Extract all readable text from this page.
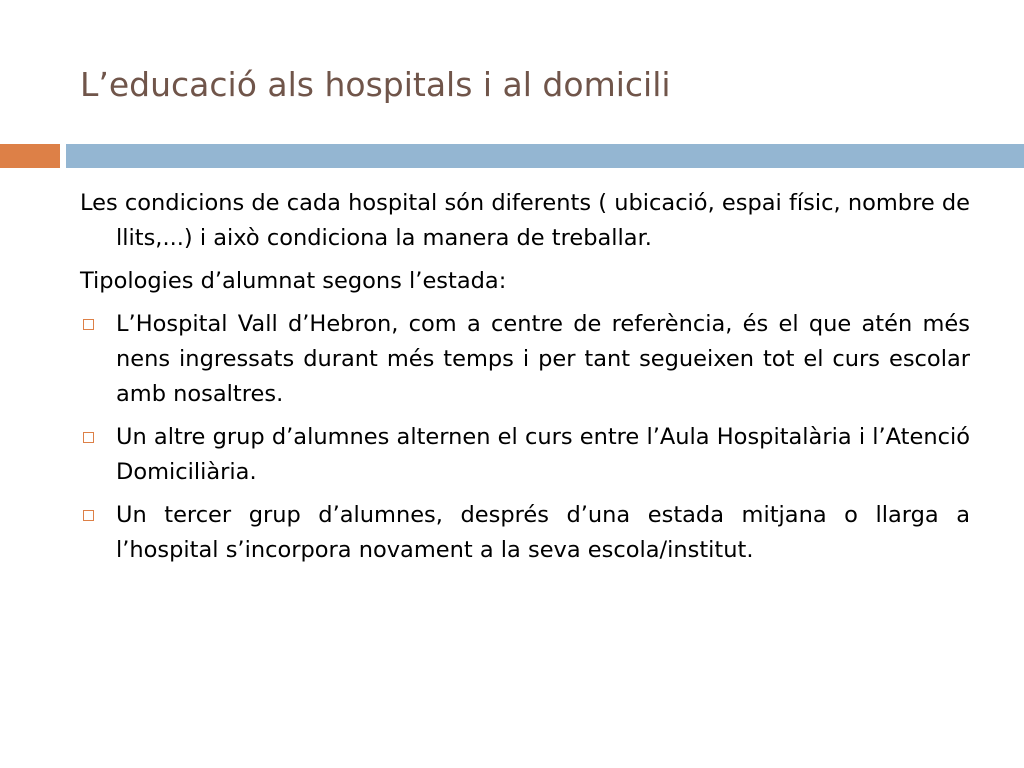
L’educació als hospitals i al domicili

Les condicions de cada hospital són diferents ( ubicació, espai físic, nombre de llits,...) i això condiciona la manera de treballar.

Tipologies d’alumnat segons l’estada:

L’Hospital Vall d’Hebron, com a centre de referència, és el que atén més nens ingressats durant més temps i per tant segueixen tot el curs escolar amb nosaltres.
Un altre grup d’alumnes alternen el curs entre l’Aula Hospitalària i l’Atenció Domiciliària.
Un tercer grup d’alumnes, després d’una estada mitjana o llarga a l’hospital s’incorpora novament a la seva escola/institut.
